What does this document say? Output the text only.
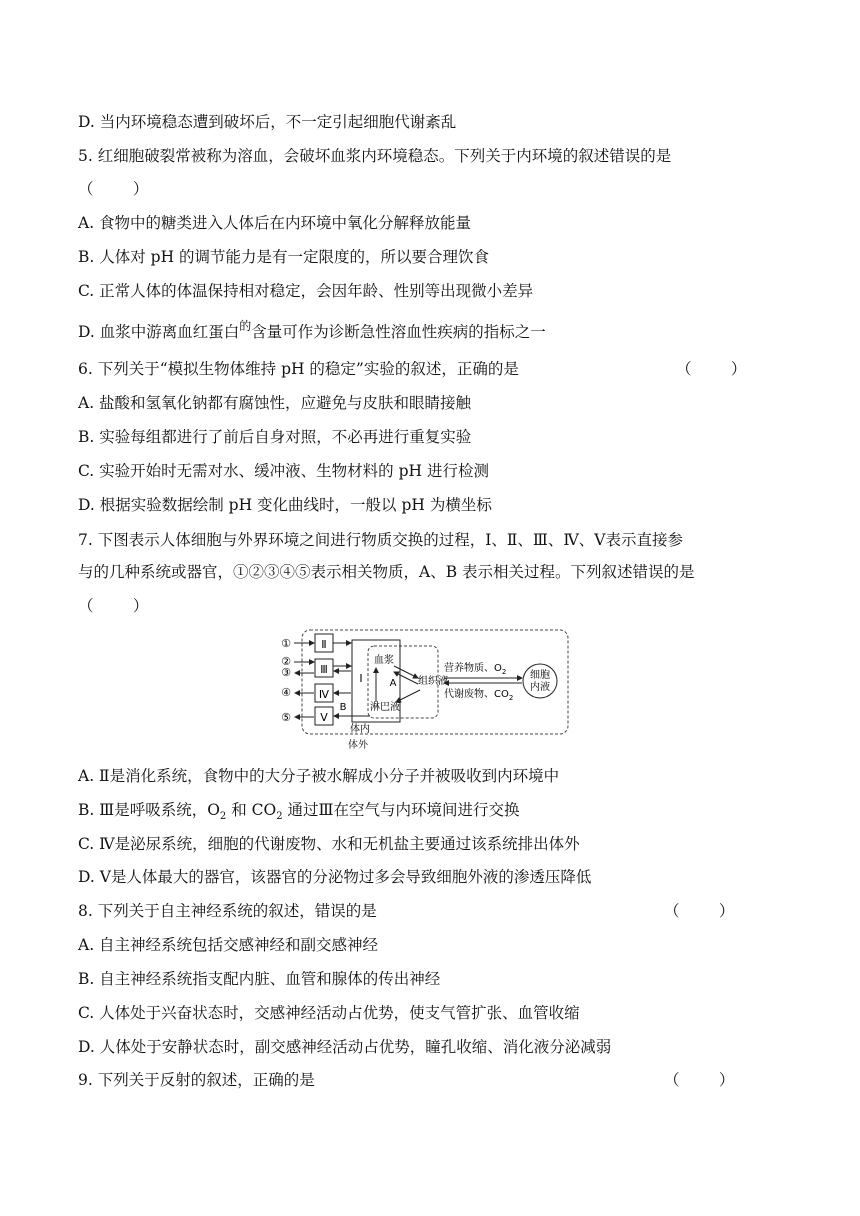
D. 当内环境稳态遭到破坏后，不一定引起细胞代谢紊乱
5. 红细胞破裂常被称为溶血，会破坏血浆内环境稳态。下列关于内环境的叙述错误的是
（        ）
A. 食物中的糖类进入人体后在内环境中氧化分解释放能量
B. 人体对 pH 的调节能力是有一定限度的，所以要合理饮食
C. 正常人体的体温保持相对稳定，会因年龄、性别等出现微小差异
D. 血浆中游离血红蛋白$^的$含量可作为诊断急性溶血性疾病的指标之一
6. 下列关于“模拟生物体维持 pH 的稳定”实验的叙述，正确的是	（        ）
A. 盐酸和氢氧化钠都有腐蚀性，应避免与皮肤和眼睛接触
B. 实验每组都进行了前后自身对照，不必再进行重复实验
C. 实验开始时无需对水、缓冲液、生物材料的 pH 进行检测
D. 根据实验数据绘制 pH 变化曲线时，一般以 pH 为横坐标
7. 下图表示人体细胞与外界环境之间进行物质交换的过程，Ⅰ、Ⅱ、Ⅲ、Ⅳ、Ⅴ表示直接参
与的几种系统或器官，①②③④⑤表示相关物质，A、B 表示相关过程。下列叙述错误的是
（        ）
Ⅱ
Ⅲ
Ⅳ
Ⅴ
①
②
③
④
⑤
Ⅰ
B
血浆
淋巴液
A 组织液
营养物质、$O_2$
代谢废物、$CO_2$
细胞
内液
体内
体外
A. Ⅱ是消化系统，食物中的大分子被水解成小分子并被吸收到内环境中
B. Ⅲ是呼吸系统，$O_2$ 和 $CO_2$ 通过Ⅲ在空气与内环境间进行交换
C. Ⅳ是泌尿系统，细胞的代谢废物、水和无机盐主要通过该系统排出体外
D. Ⅴ是人体最大的器官，该器官的分泌物过多会导致细胞外液的渗透压降低
8. 下列关于自主神经系统的叙述，错误的是	（        ）
A. 自主神经系统包括交感神经和副交感神经
B. 自主神经系统指支配内脏、血管和腺体的传出神经
C. 人体处于兴奋状态时，交感神经活动占优势，使支气管扩张、血管收缩
D. 人体处于安静状态时，副交感神经活动占优势，瞳孔收缩、消化液分泌减弱
9. 下列关于反射的叙述，正确的是	（        ）
